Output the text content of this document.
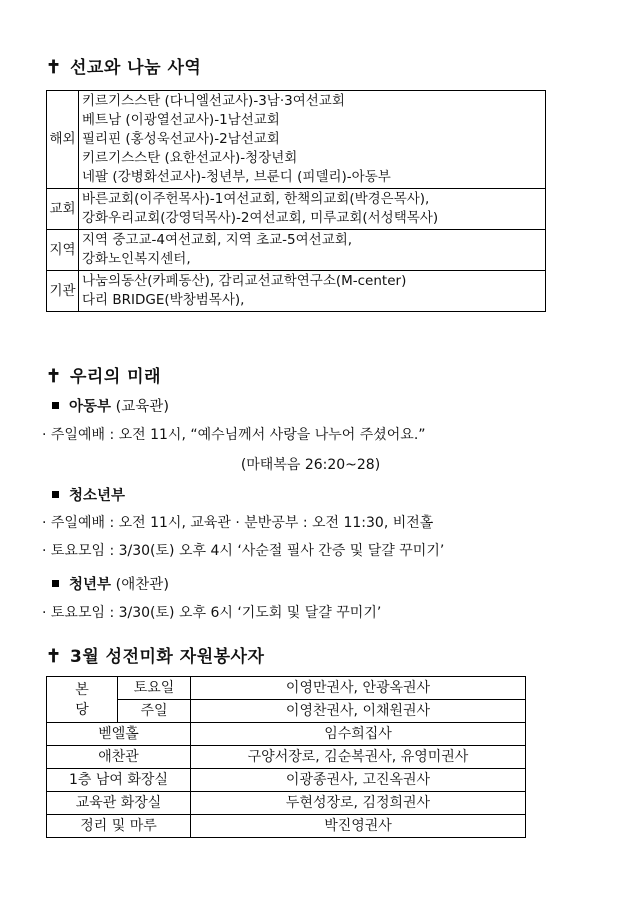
✝ 선교와 나눔 사역
해외	키르기스스탄 (다니엘선교사)-3남·3여선교회
베트남 (이광열선교사)-1남선교회
필리핀 (홍성욱선교사)-2남선교회
키르기스스탄 (요한선교사)-청장년회
네팔 (강병화선교사)-청년부, 브룬디 (피델리)-아동부

교회	바른교회(이주헌목사)-1여선교회, 한책의교회(박경은목사),
강화우리교회(강영덕목사)-2여선교회, 미루교회(서성택목사)

지역	지역 중고교-4여선교회, 지역 초교-5여선교회,
강화노인복지센터,

기관	나눔의동산(카페동산), 감리교선교학연구소(M-center)
다리 BRIDGE(박창범목사),
✝ 우리의 미래
아동부 (교육관)
· 주일예배 : 오전 11시, “예수님께서 사랑을 나누어 주셨어요.”
(마태복음 26:20~28)
청소년부
· 주일예배 : 오전 11시, 교육관 · 분반공부 : 오전 11:30, 비전홀
· 토요모임 : 3/30(토) 오후 4시 ‘사순절 필사 간증 및 달걀 꾸미기’
청년부 (애찬관)
· 토요모임 : 3/30(토) 오후 6시 ‘기도회 및 달걀 꾸미기’
✝ 3월 성전미화 자원봉사자
본
당	토요일	이영만권사, 안광옥권사
	주일	이영찬권사, 이채원권사
벧엘홀		임수희집사
애찬관		구양서장로, 김순복권사, 유영미권사
1층 남여 화장실		이광종권사, 고진옥권사
교육관 화장실		두현성장로, 김정희권사
정리 및 마루		박진영권사
